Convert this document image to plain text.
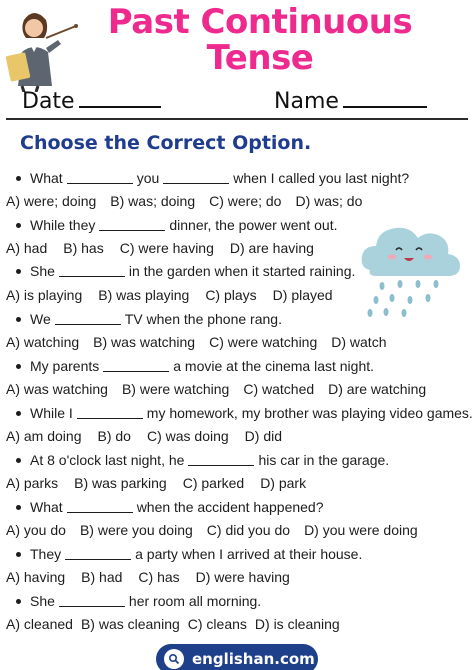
Past Continuous
Tense
Date	Name
Choose the Correct Option.
What	you	when I called you last night?
A) were; doing B) was; doing C) were; do D) was; do
While they	dinner, the power went out.
A) had B) has C) were having D) are having
She	in the garden when it started raining.
A) is playing B) was playing C) plays D) played
We	TV when the phone rang.
A) watching B) was watching C) were watching D) watch
My parents	a movie at the cinema last night.
A) was watching B) were watching C) watched D) are watching
While I	my homework, my brother was playing video games.
A) am doing B) do C) was doing D) did
At 8 o'clock last night, he	his car in the garage.
A) parks B) was parking C) parked D) park
What	when the accident happened?
A) you do B) were you doing C) did you do D) you were doing
They	a party when I arrived at their house.
A) having B) had C) has D) were having
She	her room all morning.
A) cleaned B) was cleaning C) cleans D) is cleaning
englishan.com
